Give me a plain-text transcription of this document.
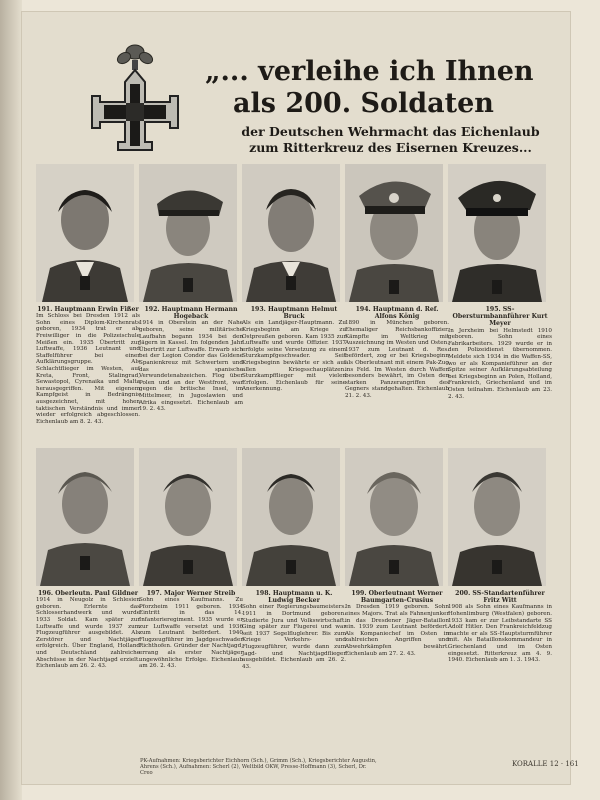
„... verleihe ich Ihnen
als 200. Soldaten
der Deutschen Wehrmacht das Eichenlaub
zum Ritterkreuz des Eisernen Kreuzes...
191. Hauptmann Erwin Fißer
Im Schloss bei Dresden 1912 als Sohn eines Diplom-Kirchenrats geboren, 1934 trat er als Freiwilliger in die Polizeischule Meißen ein. 1935 Übertritt zur Luftwaffe, 1936 Leutnant und Staffelführer bei einer Aufklärungsgruppe. Als Schlachtflieger im Westen, auf Kreta, Front, Stalingrad, Sewastopol, Cyrenaika und Malta herausgegriffen. Mit eigenem Kampfgeist in Bedrängnis ausgezeichnet, mit hohen taktischen Verständnis und immer wieder erfolgreich abgeschlossen. Eichenlaub am 8. 2. 43.
192. Hauptmann Hermann Hogeback
1914 in Oberstein an der Nahe geboren, seine militärische Laufbahn begann 1934 bei den Jägern in Kassel. Im folgenden Jahr Übertritt zur Luftwaffe. Erwarb sich bei der Legion Condor das Goldene Spanienkreuz mit Schwertern und das spanische Verwundetenabzeichen. Flog über Polen und an der Westfront, war gegen die britische Insel, im Mittelmeer, in Jugoslawien und Afrika eingesetzt. Eichenlaub am 19. 2. 43.
193. Hauptmann Helmut Bruck
Als ein Landjäger-Hauptmann. Zu Kriegsbeginn am Kriege zu Ostpreußen geboren. Kam 1935 zur Luftwaffe und wurde Offizier. 1937 erfolgte seine Versetzung zu einem Sturzkampfgeschwader. Seit Kriegsbeginn bewährte er sich auf allen Kriegsschauplätzen. Sturzkampfflieger mit vielen Erfolgen. Eichenlaub für seine Anerkennung.
194. Hauptmann d. Ref. Alfons König
1890 in München geboren. Ehemaliger Reichsbankoffizier. Kämpfte im Weltkrieg mit Auszeichnung im Westen und Osten. 1937 zum Leutnant d. Res. befördert, zog er bei Kriegsbeginn als Oberleutnant mit einem Pak-Zug ins Feld. Im Westen durch Waffen besonders bewährt, im Osten den starken Panzerangriffen des Gegners standgehalten. Eichenlaub 21. 2. 43.
195. SS-Obersturmbannführer Kurt Meyer
In Jerxheim bei Helmstedt 1910 geboren. Sohn eines Fabrikarbeiters. 1929 wurde er in den Polizeidienst übernommen. Meldete sich 1934 in die Waffen-SS, wo er als Kompanieführer an der Spitze seiner Aufklärungsabteilung bei Kriegsbeginn an Polen, Holland, Frankreich, Griechenland und im Osten teilnahm. Eichenlaub am 23. 2. 43.
196. Oberleutn. Paul Gildner
1914 in Neugolz in Schlesien geboren. Erlernte das Schlosserhandwerk und wurde 1933 Soldat. Kam später zur Luftwaffe und wurde 1937 zum Flugzeugführer ausgebildet. Als Zerstörer und Nachtjäger erfolgreich. Über England, Holland und Deutschland zahlreiche Abschüsse in der Nachtjagd erzielt. Eichenlaub am 26. 2. 43.
197. Major Werner Streib
Sohn eines Kaufmanns. Zu Pforzheim 1911 geboren. 1934 Eintritt in das 14. Infanterieregiment. 1935 wurde er zur Luftwaffe versetzt und 1936 zum Leutnant befördert. 1940 Flugzeugführer im Jagdgeschwader Richthofen. Gründer der Nachtjagd, errang als erster Nachtjäger ungewöhnliche Erfolge. Eichenlaub am 26. 2. 43.
198. Hauptmann u. K. Ludwig Becker
Sohn einer Regierungsbaumeisters. 1911 in Dortmund geboren. Studierte Jura und Volkswirtschaft. Ging später zur Flugerei und war seit 1937 Segelfluglehrer. Bis zum Kriege Verkehrs- und Flugzeugführer, wurde dann zum Jagd- und Nachtjagdflieger ausgebildet. Eichenlaub am 26. 2. 43.
199. Oberleutnant Werner Baumgarten-Crusius
In Dresden 1919 geboren. Sohn eines Majors. Trat als Fahnenjunker in das Dresdener Jäger-Bataillon ein. 1939 zum Leutnant befördert. Als Kompaniechef im Osten in zahlreichen Angriffen und Abwehrkämpfen bewährt. Eichenlaub am 27. 2. 43.
200. SS-Standartenführer Fritz Witt
1908 als Sohn eines Kaufmanns in Hohenlimburg (Westfalen) geboren. 1933 kam er zur Leibstandarte SS Adolf Hitler. Den Frankreichfeldzug machte er als SS-Hauptsturmführer mit. Als Bataillonskommandeur in Griechenland und im Osten eingesetzt. Ritterkreuz am 4. 9. 1940. Eichenlaub am 1. 3. 1943.
PK-Aufnahmen: Kriegsberichter Eichhorn (Sch.), Grimm (Sch.), Kriegsberichter Augustin, Ahrens (Sch.), Aufnahmen: Scherl (2), Weltbild OKW, Presse-Hoffmann (3), Scherl, Dr. Creo
KORALLE 12 · 161
